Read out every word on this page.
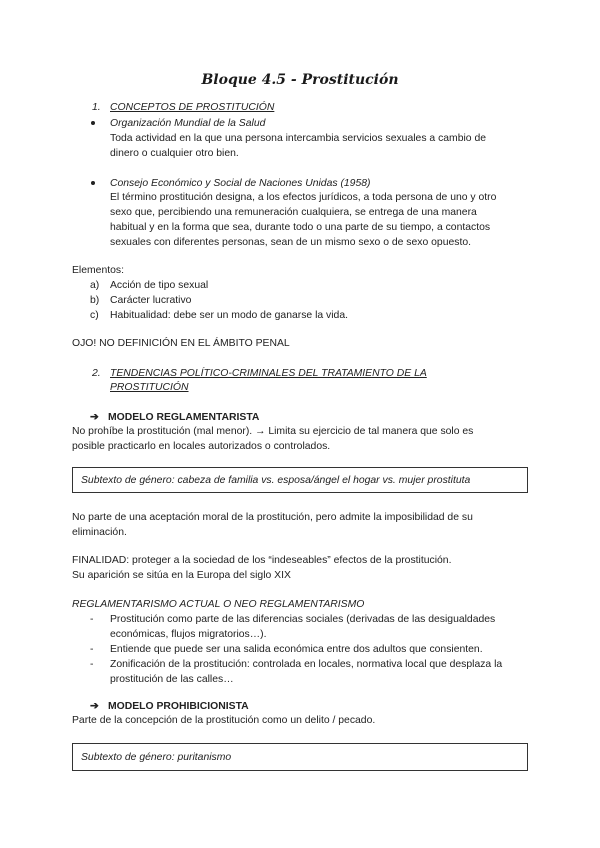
Bloque 4.5 - Prostitución
1. CONCEPTOS DE PROSTITUCIÓN
Organización Mundial de la Salud
Toda actividad en la que una persona intercambia servicios sexuales a cambio de
dinero o cualquier otro bien.
Consejo Económico y Social de Naciones Unidas (1958)
El término prostitución designa, a los efectos jurídicos, a toda persona de uno y otro
sexo que, percibiendo una remuneración cualquiera, se entrega de una manera
habitual y en la forma que sea, durante todo o una parte de su tiempo, a contactos
sexuales con diferentes personas, sean de un mismo sexo o de sexo opuesto.
Elementos:
a) Acción de tipo sexual
b) Carácter lucrativo
c) Habitualidad: debe ser un modo de ganarse la vida.
OJO! NO DEFINICIÓN EN EL ÁMBITO PENAL
2. TENDENCIAS POLÍTICO-CRIMINALES DEL TRATAMIENTO DE LA
PROSTITUCIÓN
➔ MODELO REGLAMENTARISTA
No prohíbe la prostitución (mal menor). → Limita su ejercicio de tal manera que solo es
posible practicarlo en locales autorizados o controlados.
Subtexto de género: cabeza de familia vs. esposa/ángel el hogar vs. mujer prostituta
No parte de una aceptación moral de la prostitución, pero admite la imposibilidad de su
eliminación.
FINALIDAD: proteger a la sociedad de los “indeseables” efectos de la prostitución.
Su aparición se sitúa en la Europa del siglo XIX
REGLAMENTARISMO ACTUAL O NEO REGLAMENTARISMO
- Prostitución como parte de las diferencias sociales (derivadas de las desigualdades
económicas, flujos migratorios…).
- Entiende que puede ser una salida económica entre dos adultos que consienten.
- Zonificación de la prostitución: controlada en locales, normativa local que desplaza la
prostitución de las calles…
➔ MODELO PROHIBICIONISTA
Parte de la concepción de la prostitución como un delito / pecado.
Subtexto de género: puritanismo
